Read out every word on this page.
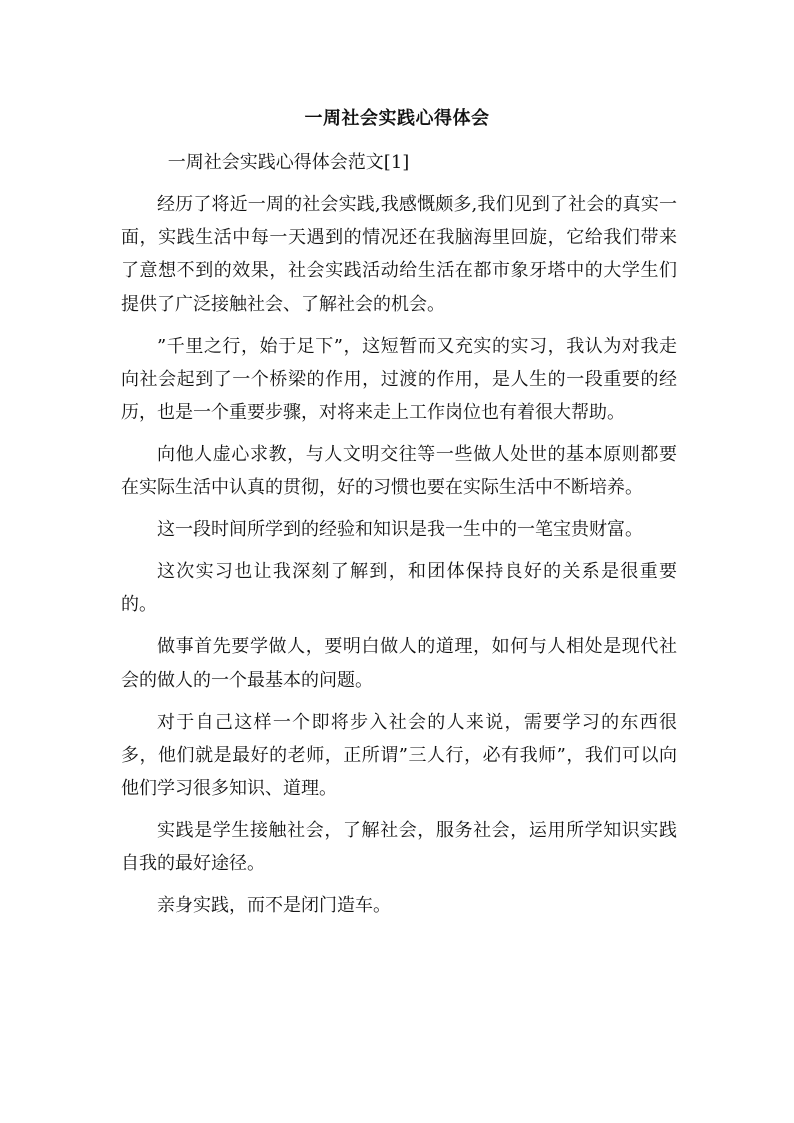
一周社会实践心得体会

一周社会实践心得体会范文[1]

经历了将近一周的社会实践,我感慨颇多,我们见到了社会的真实一面，实践生活中每一天遇到的情况还在我脑海里回旋，它给我们带来了意想不到的效果，社会实践活动给生活在都市象牙塔中的大学生们提供了广泛接触社会、了解社会的机会。

”千里之行，始于足下”，这短暂而又充实的实习，我认为对我走向社会起到了一个桥梁的作用，过渡的作用，是人生的一段重要的经历，也是一个重要步骤，对将来走上工作岗位也有着很大帮助。

向他人虚心求教，与人文明交往等一些做人处世的基本原则都要在实际生活中认真的贯彻，好的习惯也要在实际生活中不断培养。

这一段时间所学到的经验和知识是我一生中的一笔宝贵财富。

这次实习也让我深刻了解到，和团体保持良好的关系是很重要的。

做事首先要学做人，要明白做人的道理，如何与人相处是现代社会的做人的一个最基本的问题。

对于自己这样一个即将步入社会的人来说，需要学习的东西很多，他们就是最好的老师，正所谓”三人行，必有我师”，我们可以向他们学习很多知识、道理。

实践是学生接触社会，了解社会，服务社会，运用所学知识实践自我的最好途径。

亲身实践，而不是闭门造车。
